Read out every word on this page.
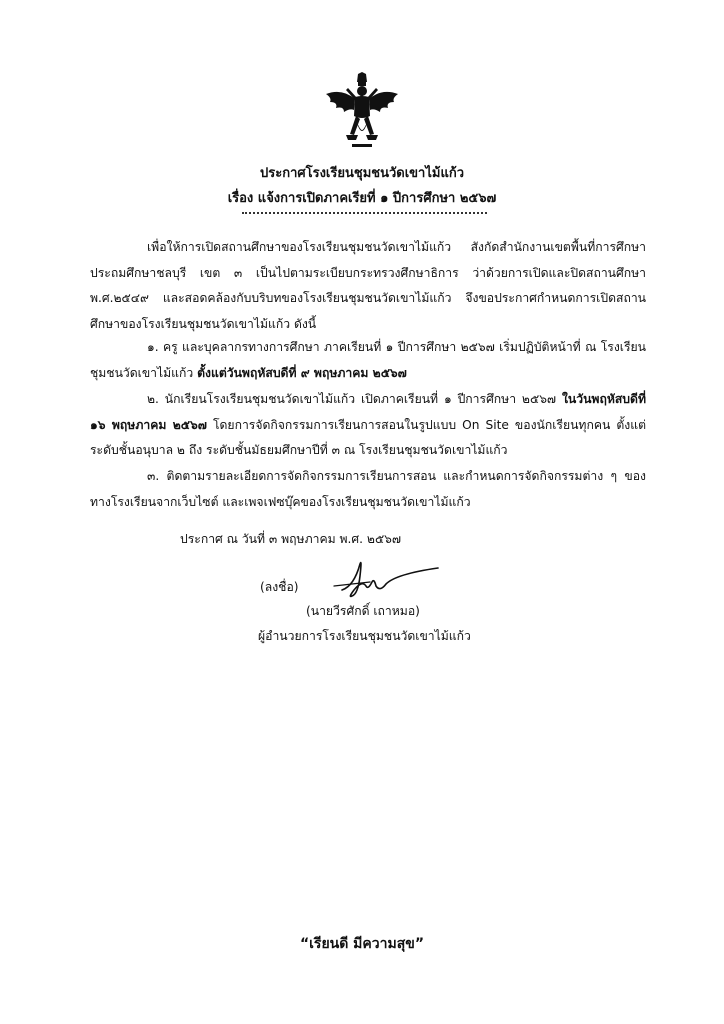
ประกาศโรงเรียนชุมชนวัดเขาไม้แก้ว
เรื่อง แจ้งการเปิดภาคเรียที่ ๑ ปีการศึกษา ๒๕๖๗
เพื่อให้การเปิดสถานศึกษาของโรงเรียนชุมชนวัดเขาไม้แก้ว สังกัดสำนักงานเขตพื้นที่การศึกษาประถมศึกษาชลบุรี เขต ๓ เป็นไปตามระเบียบกระทรวงศึกษาธิการ ว่าด้วยการเปิดและปิดสถานศึกษา พ.ศ.๒๕๔๙ และสอดคล้องกับบริบทของโรงเรียนชุมชนวัดเขาไม้แก้ว จึงขอประกาศกำหนดการเปิดสถานศึกษาของโรงเรียนชุมชนวัดเขาไม้แก้ว ดังนี้
๑. ครู และบุคลากรทางการศึกษา ภาคเรียนที่ ๑ ปีการศึกษา ๒๕๖๗ เริ่มปฏิบัติหน้าที่ ณ โรงเรียนชุมชนวัดเขาไม้แก้ว ตั้งแต่วันพฤหัสบดีที่ ๙ พฤษภาคม ๒๕๖๗
๒. นักเรียนโรงเรียนชุมชนวัดเขาไม้แก้ว เปิดภาคเรียนที่ ๑ ปีการศึกษา ๒๕๖๗ ในวันพฤหัสบดีที่ ๑๖ พฤษภาคม ๒๕๖๗ โดยการจัดกิจกรรมการเรียนการสอนในรูปแบบ On Site ของนักเรียนทุกคน ตั้งแต่ระดับชั้นอนุบาล ๒ ถึง ระดับชั้นมัธยมศึกษาปีที่ ๓ ณ โรงเรียนชุมชนวัดเขาไม้แก้ว
๓. ติดตามรายละเอียดการจัดกิจกรรมการเรียนการสอน และกำหนดการจัดกิจกรรมต่าง ๆ ของทางโรงเรียนจากเว็บไซต์ และเพจเฟซบุ๊คของโรงเรียนชุมชนวัดเขาไม้แก้ว
ประกาศ ณ วันที่ ๓ พฤษภาคม พ.ศ. ๒๕๖๗
(ลงชื่อ)
(นายวีรศักดิ์ เถาหมอ)
ผู้อำนวยการโรงเรียนชุมชนวัดเขาไม้แก้ว
“เรียนดี มีความสุข”
